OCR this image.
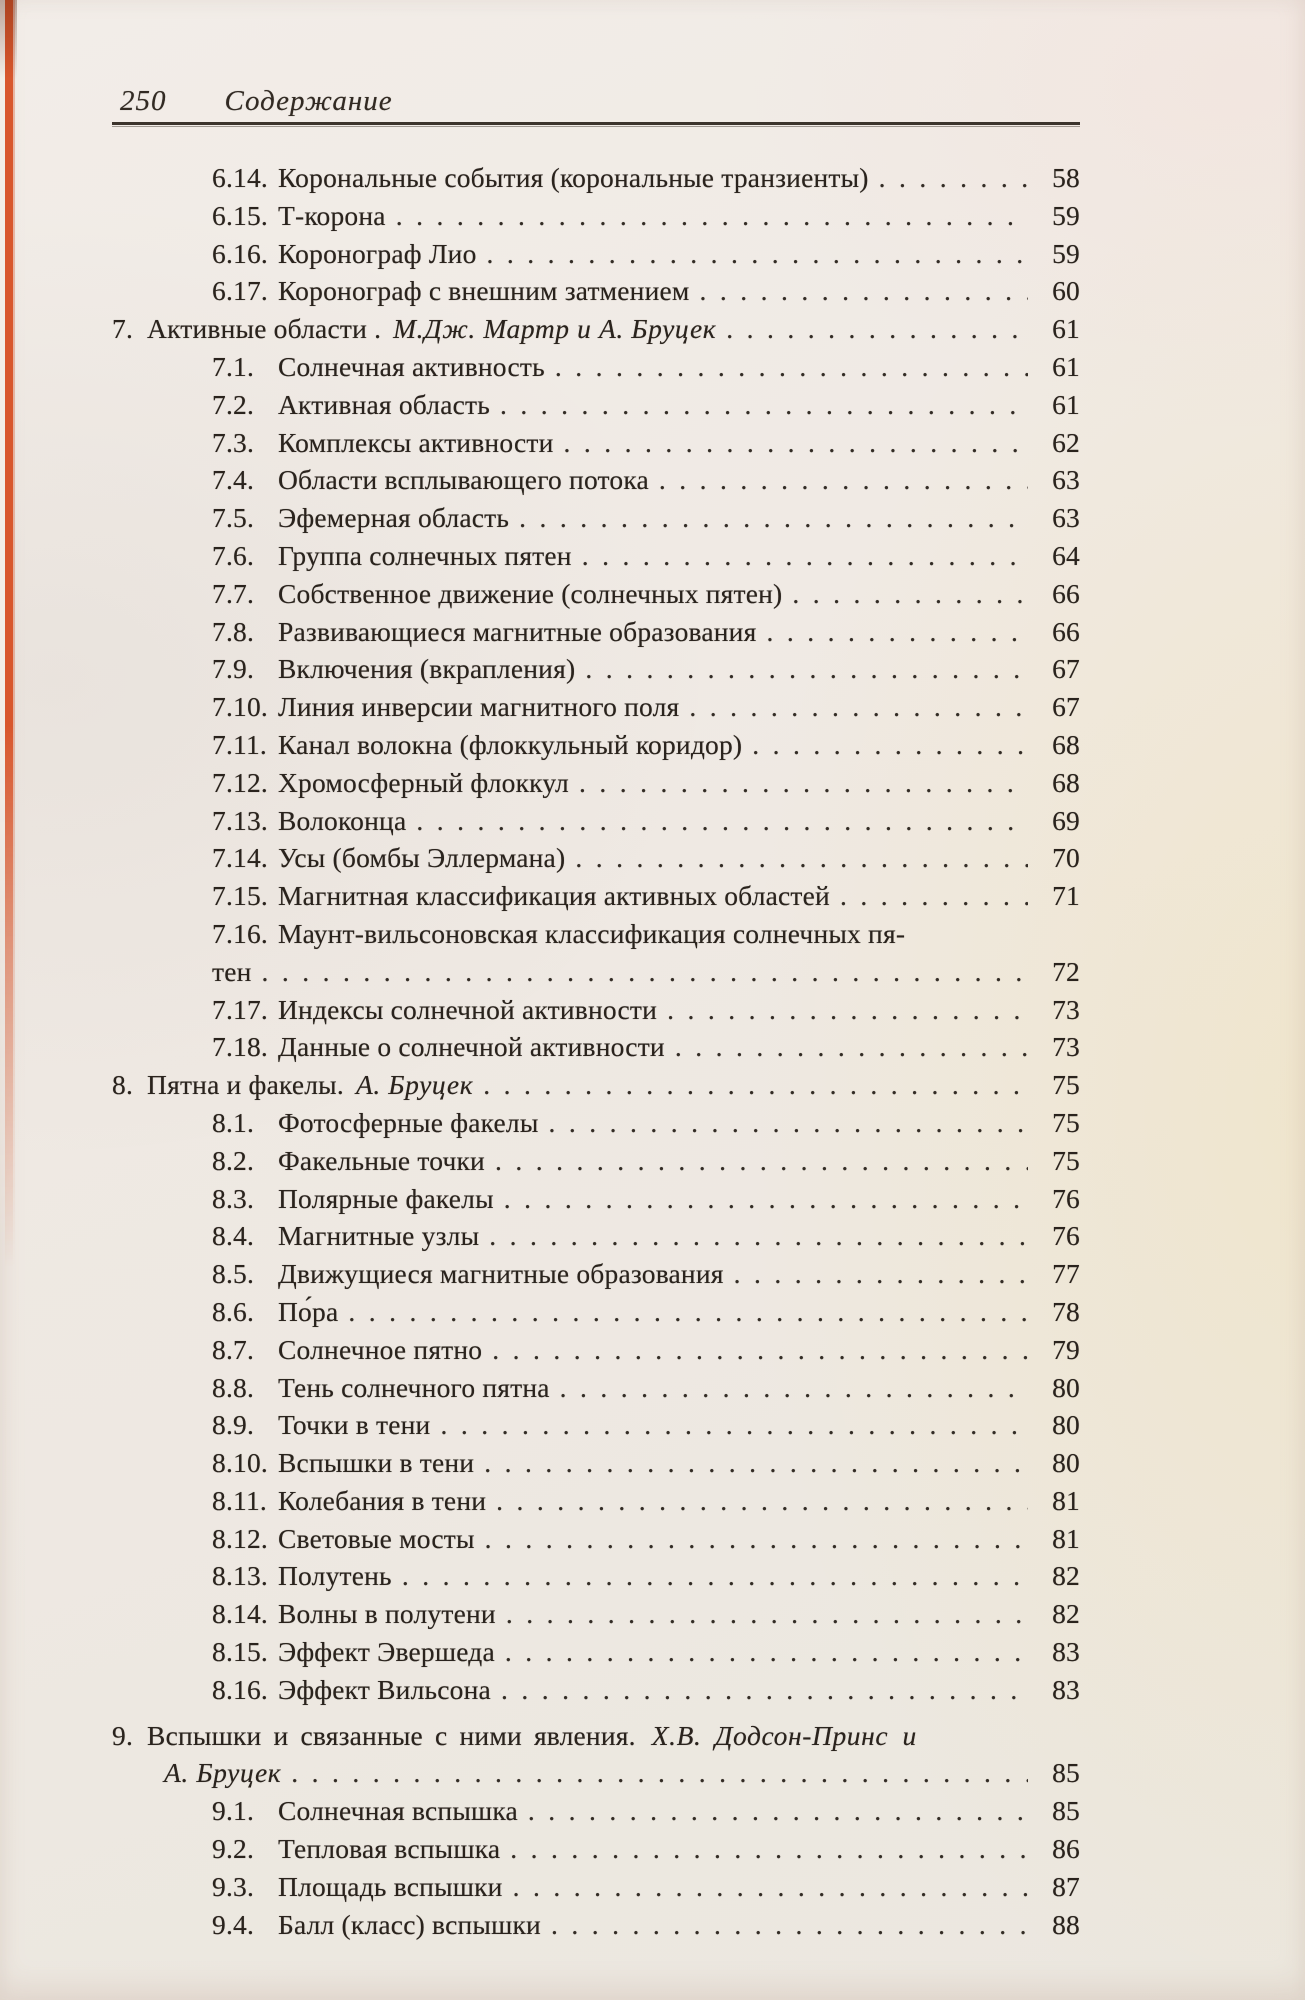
250 Содержание
6.14. Корональные события (корональные транзиенты) .....	58
6.15. Т-корона .....	59
6.16. Коронограф Лио .....	59
6.17. Коронограф с внешним затмением .....	60
7. Активные области . М.Дж. Мартр и А. Бруцек .....	61
7.1. Солнечная активность .....	61
7.2. Активная область .....	61
7.3. Комплексы активности .....	62
7.4. Области всплывающего потока .....	63
7.5. Эфемерная область .....	63
7.6. Группа солнечных пятен .....	64
7.7. Собственное движение (солнечных пятен) .....	66
7.8. Развивающиеся магнитные образования .....	66
7.9. Включения (вкрапления) .....	67
7.10. Линия инверсии магнитного поля .....	67
7.11. Канал волокна (флоккульный коридор) .....	68
7.12. Хромосферный флоккул .....	68
7.13. Волоконца .....	69
7.14. Усы (бомбы Эллермана) .....	70
7.15. Магнитная классификация активных областей .....	71
7.16. Маунт-вильсоновская классификация солнечных пя-
тен .....	72
7.17. Индексы солнечной активности .....	73
7.18. Данные о солнечной активности .....	73
8. Пятна и факелы. А. Бруцек .....	75
8.1. Фотосферные факелы .....	75
8.2. Факельные точки .....	75
8.3. Полярные факелы .....	76
8.4. Магнитные узлы .....	76
8.5. Движущиеся магнитные образования .....	77
8.6. По́ра .....	78
8.7. Солнечное пятно .....	79
8.8. Тень солнечного пятна .....	80
8.9. Точки в тени .....	80
8.10. Вспышки в тени .....	80
8.11. Колебания в тени .....	81
8.12. Световые мосты .....	81
8.13. Полутень .....	82
8.14. Волны в полутени .....	82
8.15. Эффект Эвершеда .....	83
8.16. Эффект Вильсона .....	83
9. Вспышки и связанные с ними явления. Х.В. Додсон-Принс и
А. Бруцек .....	85
9.1. Солнечная вспышка .....	85
9.2. Тепловая вспышка .....	86
9.3. Площадь вспышки .....	87
9.4. Балл (класс) вспышки .....	88
